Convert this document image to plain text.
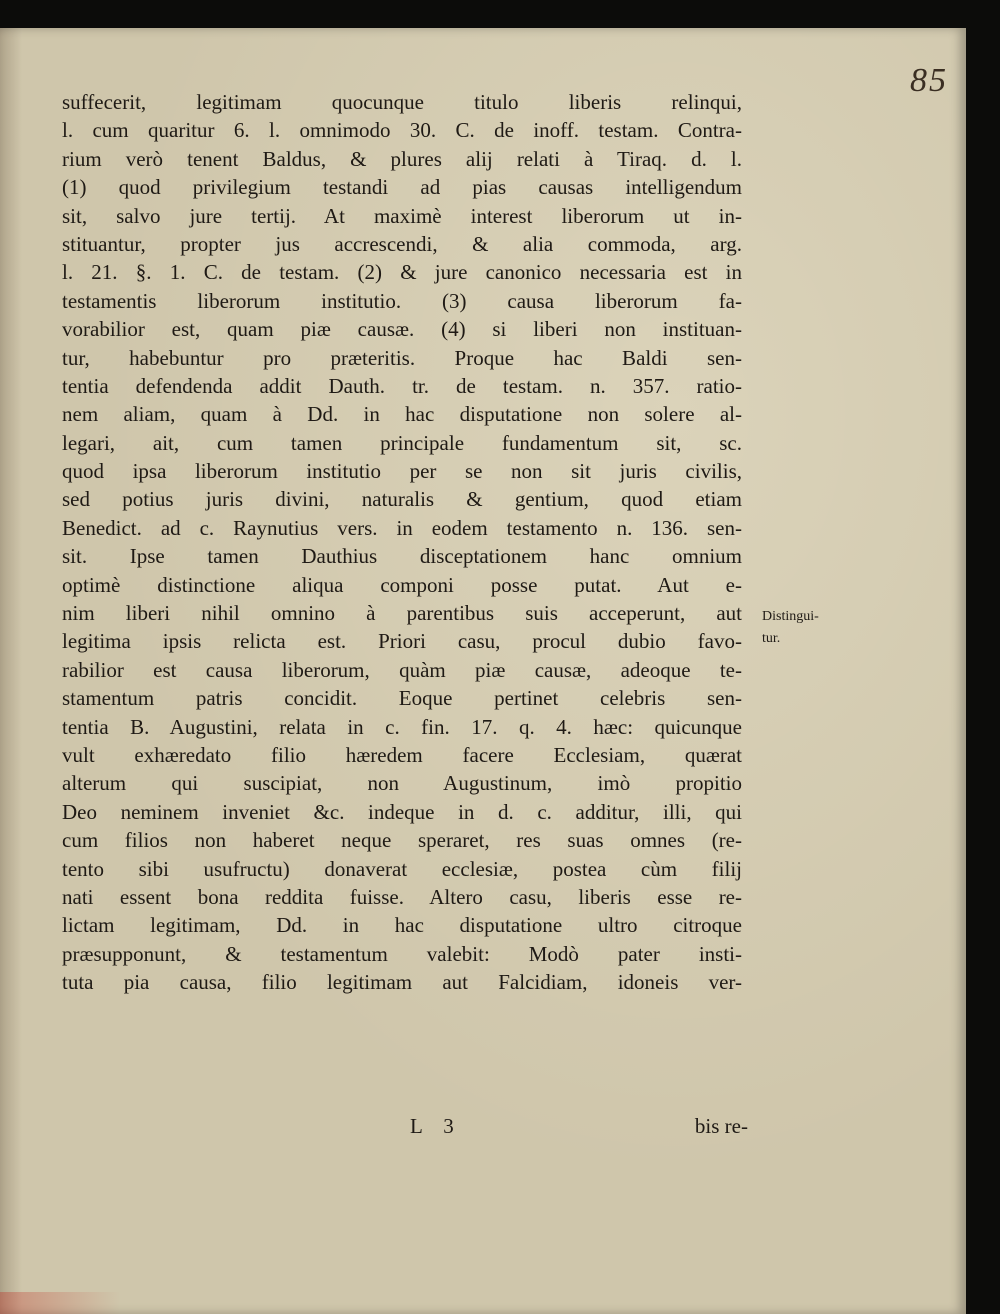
85
suffecerit, legitimam quocunque titulo liberis relinqui,
l. cum quaritur 6. l. omnimodo 30. C. de inoff. testam. Contra-
rium verò tenent Baldus, & plures alij relati à Tiraq. d. l.
(1) quod privilegium testandi ad pias causas intelligendum
sit, salvo jure tertij. At maximè interest liberorum ut in-
stituantur, propter jus accrescendi, & alia commoda, arg.
l. 21. §. 1. C. de testam. (2) & jure canonico necessaria est in
testamentis liberorum institutio. (3) causa liberorum fa-
vorabilior est, quam piæ causæ. (4) si liberi non instituan-
tur, habebuntur pro præteritis. Proque hac Baldi sen-
tentia defendenda addit Dauth. tr. de testam. n. 357. ratio-
nem aliam, quam à Dd. in hac disputatione non solere al-
legari, ait, cum tamen principale fundamentum sit, sc.
quod ipsa liberorum institutio per se non sit juris civilis,
sed potius juris divini, naturalis & gentium, quod etiam
Benedict. ad c. Raynutius vers. in eodem testamento n. 136. sen-
sit. Ipse tamen Dauthius disceptationem hanc omnium
optimè distinctione aliqua componi posse putat. Aut e-
nim liberi nihil omnino à parentibus suis acceperunt, aut
legitima ipsis relicta est. Priori casu, procul dubio favo-
rabilior est causa liberorum, quàm piæ causæ, adeoque te-
stamentum patris concidit. Eoque pertinet celebris sen-
tentia B. Augustini, relata in c. fin. 17. q. 4. hæc: quicunque
vult exhæredato filio hæredem facere Ecclesiam, quærat
alterum qui suscipiat, non Augustinum, imò propitio
Deo neminem inveniet &c. indeque in d. c. additur, illi, qui
cum filios non haberet neque speraret, res suas omnes (re-
tento sibi usufructu) donaverat ecclesiæ, postea cùm filij
nati essent bona reddita fuisse. Altero casu, liberis esse re-
lictam legitimam, Dd. in hac disputatione ultro citroque
præsupponunt, & testamentum valebit: Modò pater insti-
tuta pia causa, filio legitimam aut Falcidiam, idoneis ver-
Distingui-
tur.
L 3	bis re-
